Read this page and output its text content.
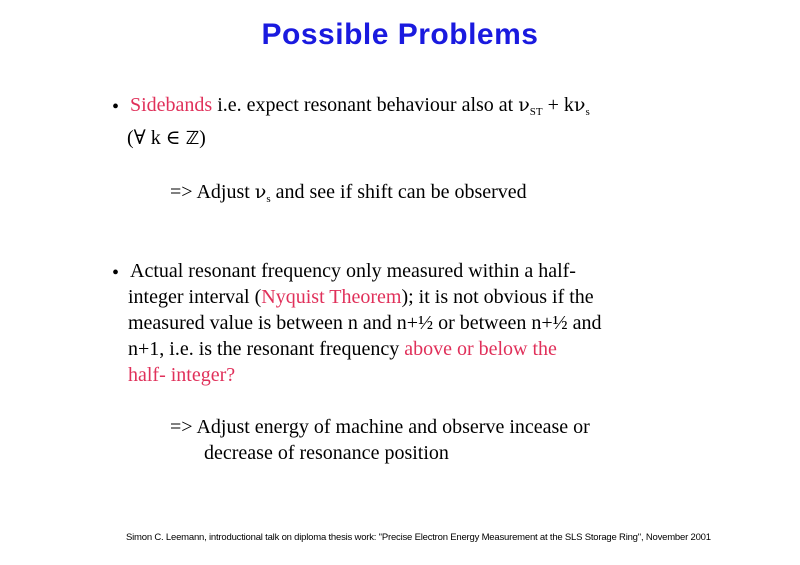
Possible Problems
• Sidebands i.e. expect resonant behaviour also at $\nu_{ST} + k\nu_s$
(∀ k ∈ ℤ)
=> Adjust $\nu_s$ and see if shift can be observed
• Actual resonant frequency only measured within a half-
integer interval (Nyquist Theorem); it is not obvious if the
measured value is between n and n+½ or between n+½ and
n+1, i.e. is the resonant frequency above or below the
half- integer?
=> Adjust energy of machine and observe incease or
decrease of resonance position
Simon C. Leemann, introductional talk on diploma thesis work: "Precise Electron Energy Measurement at the SLS Storage Ring", November 2001
